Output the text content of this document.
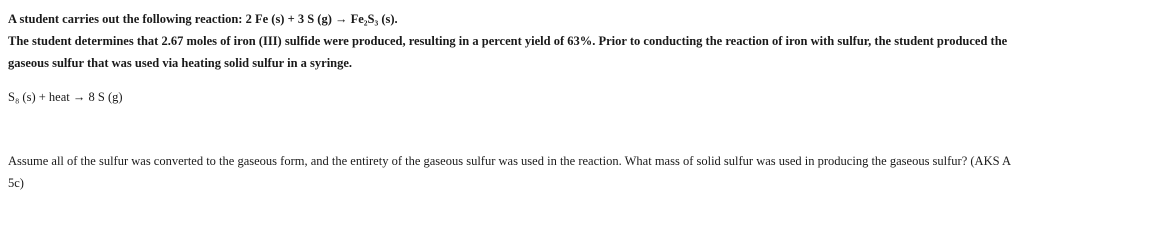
A student carries out the following reaction: 2 Fe (s) + 3 S (g) → Fe₂S₃ (s).
The student determines that 2.67 moles of iron (III) sulfide were produced, resulting in a percent yield of 63%. Prior to conducting the reaction of iron with sulfur, the student produced the
gaseous sulfur that was used via heating solid sulfur in a syringe.
S₈ (s) + heat → 8 S (g)
Assume all of the sulfur was converted to the gaseous form, and the entirety of the gaseous sulfur was used in the reaction. What mass of solid sulfur was used in producing the gaseous sulfur? (AKS A
5c)
